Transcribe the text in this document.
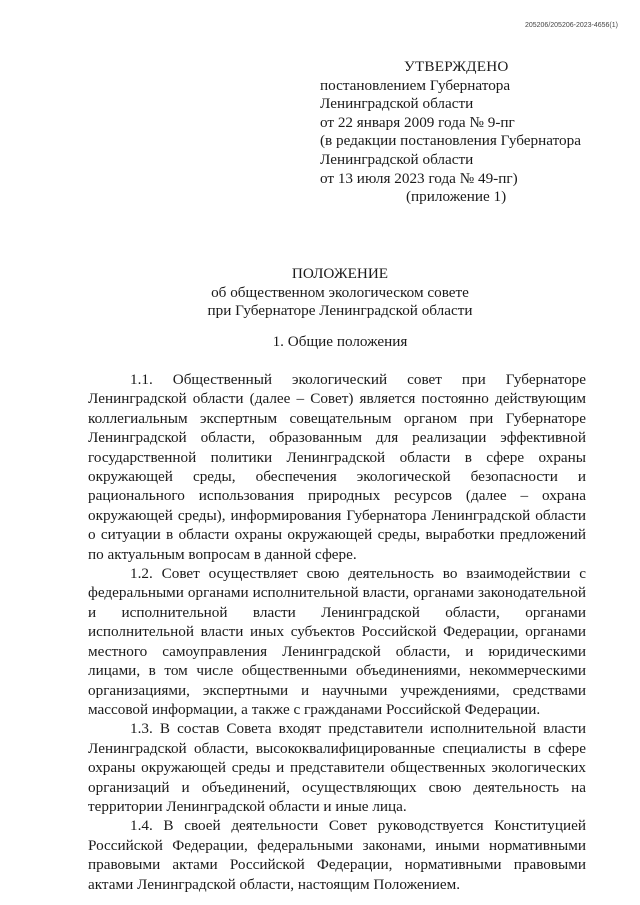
205206/205206-2023-4656(1)
УТВЕРЖДЕНО
постановлением Губернатора
Ленинградской области
от 22 января 2009 года № 9-пг
(в редакции постановления Губернатора
Ленинградской области
от 13 июля 2023 года № 49-пг)
(приложение 1)
ПОЛОЖЕНИЕ
об общественном экологическом совете
при Губернаторе Ленинградской области
1. Общие положения

1.1. Общественный экологический совет при Губернаторе Ленинградской области (далее – Совет) является постоянно действующим коллегиальным экспертным совещательным органом при Губернаторе Ленинградской области, образованным для реализации эффективной государственной политики Ленинградской области в сфере охраны окружающей среды, обеспечения экологической безопасности и рационального использования природных ресурсов (далее – охрана окружающей среды), информирования Губернатора Ленинградской области о ситуации в области охраны окружающей среды, выработки предложений по актуальным вопросам в данной сфере.

1.2. Совет осуществляет свою деятельность во взаимодействии с федеральными органами исполнительной власти, органами законодательной и исполнительной власти Ленинградской области, органами исполнительной власти иных субъектов Российской Федерации, органами местного самоуправления Ленинградской области, и юридическими лицами, в том числе общественными объединениями, некоммерческими организациями, экспертными и научными учреждениями, средствами массовой информации, а также с гражданами Российской Федерации.

1.3. В состав Совета входят представители исполнительной власти Ленинградской области, высококвалифицированные специалисты в сфере охраны окружающей среды и представители общественных экологических организаций и объединений, осуществляющих свою деятельность на территории Ленинградской области и иные лица.

1.4. В своей деятельности Совет руководствуется Конституцией Российской Федерации, федеральными законами, иными нормативными правовыми актами Российской Федерации, нормативными правовыми актами Ленинградской области, настоящим Положением.
